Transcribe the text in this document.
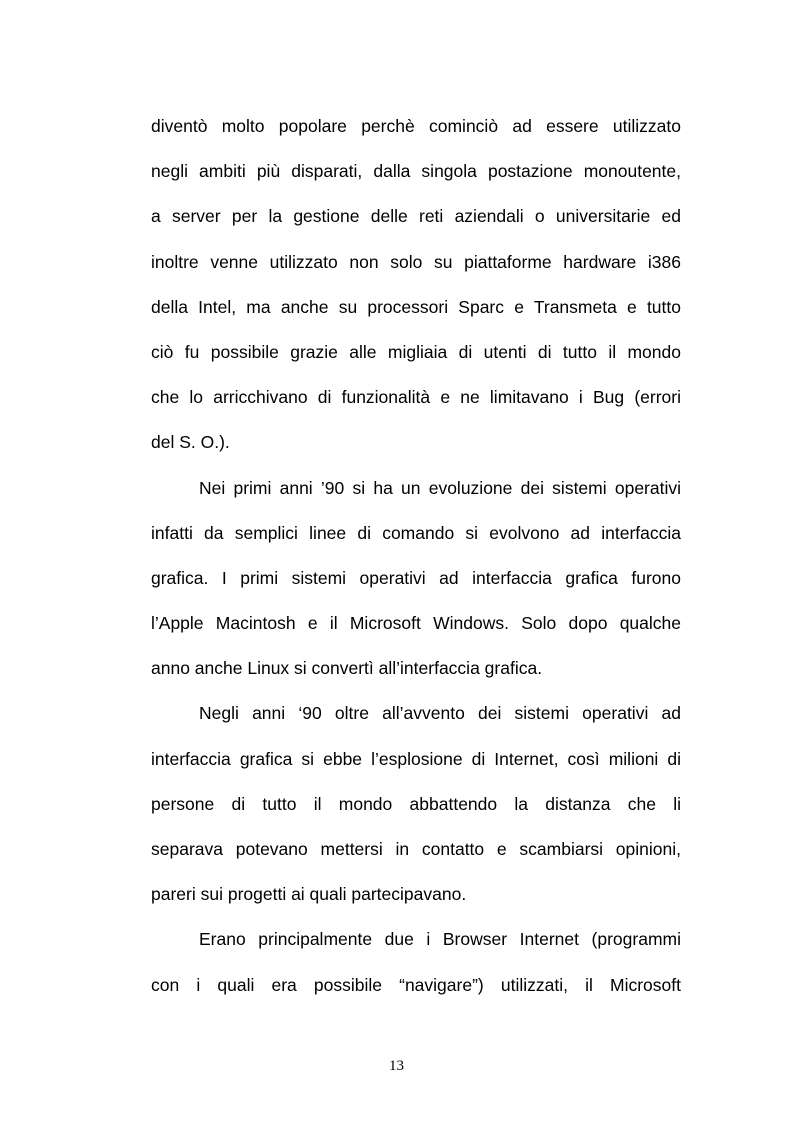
diventò molto popolare perchè cominciò ad essere utilizzato
negli ambiti più disparati, dalla singola postazione monoutente,
a server per la gestione delle reti aziendali o universitarie ed
inoltre venne utilizzato non solo su piattaforme hardware i386
della Intel, ma anche su processori Sparc e Transmeta e tutto
ciò fu possibile grazie alle migliaia di utenti di tutto il mondo
che lo arricchivano di funzionalità e ne limitavano i Bug (errori
del S. O.).
Nei primi anni ’90 si ha un evoluzione dei sistemi operativi
infatti da semplici linee di comando si evolvono ad interfaccia
grafica. I primi sistemi operativi ad interfaccia grafica furono
l’Apple Macintosh e il Microsoft Windows. Solo dopo qualche
anno anche Linux si convertì all’interfaccia grafica.
Negli anni ‘90 oltre all’avvento dei sistemi operativi ad
interfaccia grafica si ebbe l’esplosione di Internet, così milioni di
persone di tutto il mondo abbattendo la distanza che li
separava potevano mettersi in contatto e scambiarsi opinioni,
pareri sui progetti ai quali partecipavano.
Erano principalmente due i Browser Internet (programmi
con i quali era possibile “navigare”) utilizzati, il Microsoft
13
